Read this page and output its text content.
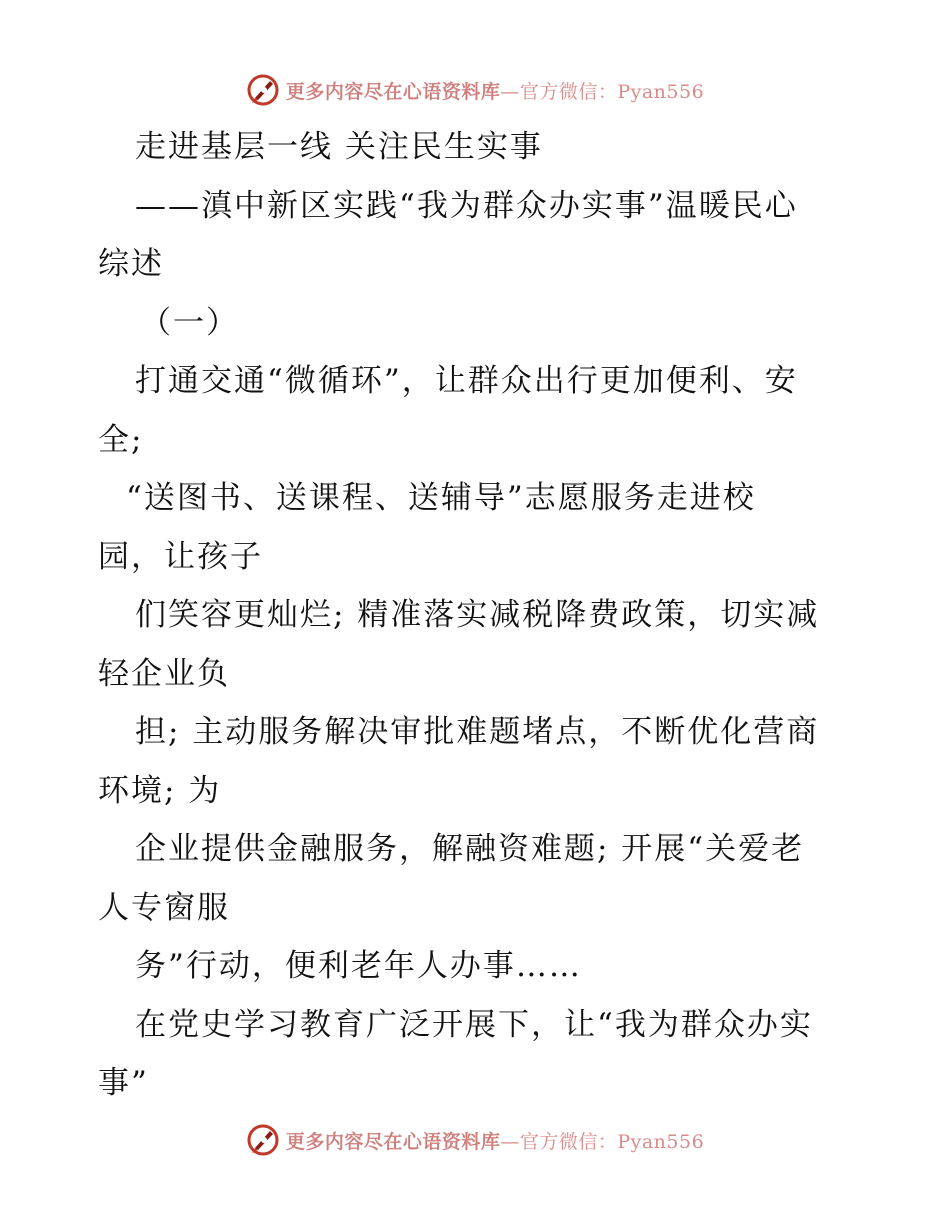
更多内容尽在心语资料库—官方微信：Pyan556
走进基层一线 关注民生实事
——滇中新区实践“我为群众办实事”温暖民心
综述
（一）
打通交通“微循环”，让群众出行更加便利、安
全;
“送图书、送课程、送辅导”志愿服务走进校
园，让孩子
们笑容更灿烂; 精准落实减税降费政策，切实减
轻企业负
担; 主动服务解决审批难题堵点，不断优化营商
环境; 为
企业提供金融服务，解融资难题; 开展“关爱老
人专窗服
务”行动，便利老年人办事……
在党史学习教育广泛开展下，让“我为群众办实
事”
更多内容尽在心语资料库—官方微信：Pyan556
